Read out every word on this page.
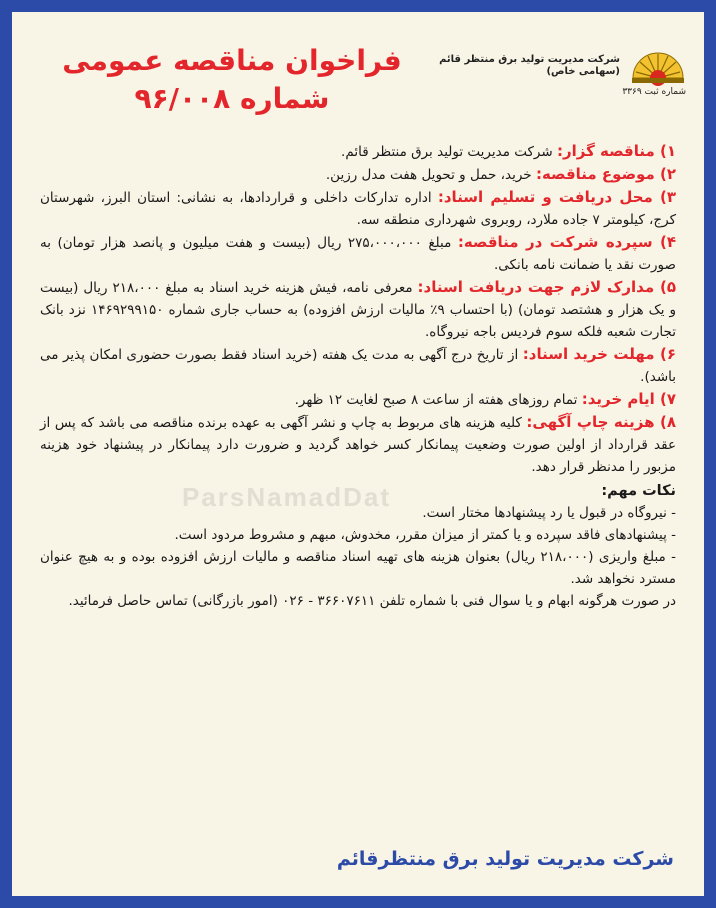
شرکت مدیریت تولید برق منتظر قائم
(سهامی خاص)
شماره ثبت ۳۳۶۹
فراخوان مناقصه عمومی
شماره ۹۶/۰۰۸
ParsNamadDat

۱) مناقصه گزار: شرکت مدیریت تولید برق منتظر قائم.

۲) موضوع مناقصه: خرید، حمل و تحویل هفت مدل رزین.

۳) محل دریافت و تسلیم اسناد: اداره تدارکات داخلی و قراردادها، به نشانی: استان البرز، شهرستان کرج، کیلومتر ۷ جاده ملارد، روبروی شهرداری منطقه سه.

۴) سپرده شرکت در مناقصه: مبلغ ۲۷۵،۰۰۰،۰۰۰ ریال (بیست و هفت میلیون و پانصد هزار تومان) به صورت نقد یا ضمانت نامه بانکی.

۵) مدارک لازم جهت دریافت اسناد: معرفی نامه، فیش هزینه خرید اسناد به مبلغ ۲۱۸،۰۰۰ ریال (بیست و یک هزار و هشتصد تومان) (با احتساب ۹٪ مالیات ارزش افزوده) به حساب جاری شماره ۱۴۶۹۲۹۹۱۵۰ نزد بانک تجارت شعبه فلکه سوم فردیس باجه نیروگاه.

۶) مهلت خرید اسناد: از تاریخ درج آگهی به مدت یک هفته (خرید اسناد فقط بصورت حضوری امکان پذیر می باشد).

۷) ایام خرید: تمام روزهای هفته از ساعت ۸ صبح لغایت ۱۲ ظهر.

۸) هزینه چاپ آگهی: کلیه هزینه های مربوط به چاپ و نشر آگهی به عهده برنده مناقصه می باشد که پس از عقد قرارداد از اولین صورت وضعیت پیمانکار کسر خواهد گردید و ضرورت دارد پیمانکار در پیشنهاد خود هزینه مزبور را مدنظر قرار دهد.

نکات مهم:

- نیروگاه در قبول یا رد پیشنهادها مختار است.

- پیشنهادهای فاقد سپرده و یا کمتر از میزان مقرر، مخدوش، مبهم و مشروط مردود است.

- مبلغ واریزی (۲۱۸،۰۰۰ ریال) بعنوان هزینه های تهیه اسناد مناقصه و مالیات ارزش افزوده بوده و به هیچ عنوان مسترد نخواهد شد.

در صورت هرگونه ابهام و یا سوال فنی با شماره تلفن ۳۶۶۰۷۶۱۱ - ۰۲۶ (امور بازرگانی) تماس حاصل فرمائید.

شرکت مدیریت تولید برق منتظرقائم
